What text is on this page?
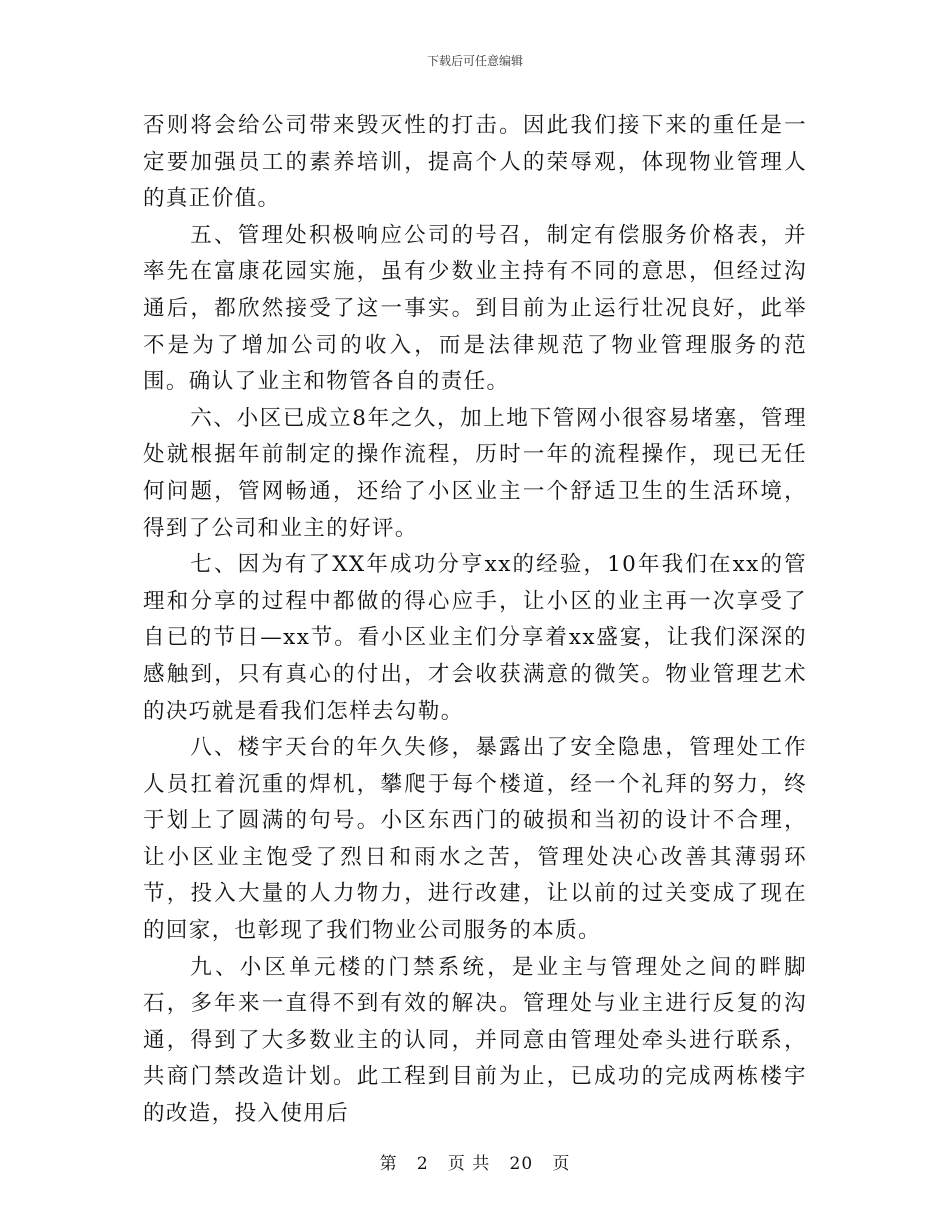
下载后可任意编辑

否则将会给公司带来毁灭性的打击。因此我们接下来的重任是一定要加强员工的素养培训，提高个人的荣辱观，体现物业管理人的真正价值。

五、管理处积极响应公司的号召，制定有偿服务价格表，并率先在富康花园实施，虽有少数业主持有不同的意思，但经过沟通后，都欣然接受了这一事实。到目前为止运行壮况良好，此举不是为了增加公司的收入，而是法律规范了物业管理服务的范围。确认了业主和物管各自的责任。

六、小区已成立8年之久，加上地下管网小很容易堵塞，管理处就根据年前制定的操作流程，历时一年的流程操作，现已无任何问题，管网畅通，还给了小区业主一个舒适卫生的生活环境，得到了公司和业主的好评。

七、因为有了XX年成功分亨xx的经验，10年我们在xx的管理和分享的过程中都做的得心应手，让小区的业主再一次享受了自已的节日—xx节。看小区业主们分享着xx盛宴，让我们深深的感触到，只有真心的付出，才会收获满意的微笑。物业管理艺术的决巧就是看我们怎样去勾勒。

八、楼宇天台的年久失修，暴露出了安全隐患，管理处工作人员扛着沉重的焊机，攀爬于每个楼道，经一个礼拜的努力，终于划上了圆满的句号。小区东西门的破损和当初的设计不合理，让小区业主饱受了烈日和雨水之苦，管理处决心改善其薄弱环节，投入大量的人力物力，进行改建，让以前的过关变成了现在的回家，也彰现了我们物业公司服务的本质。

九、小区单元楼的门禁系统，是业主与管理处之间的畔脚石，多年来一直得不到有效的解决。管理处与业主进行反复的沟通，得到了大多数业主的认同，并同意由管理处牵头进行联系，共商门禁改造计划。此工程到目前为止，已成功的完成两栋楼宇的改造，投入使用后

第 2 页 共 20 页
